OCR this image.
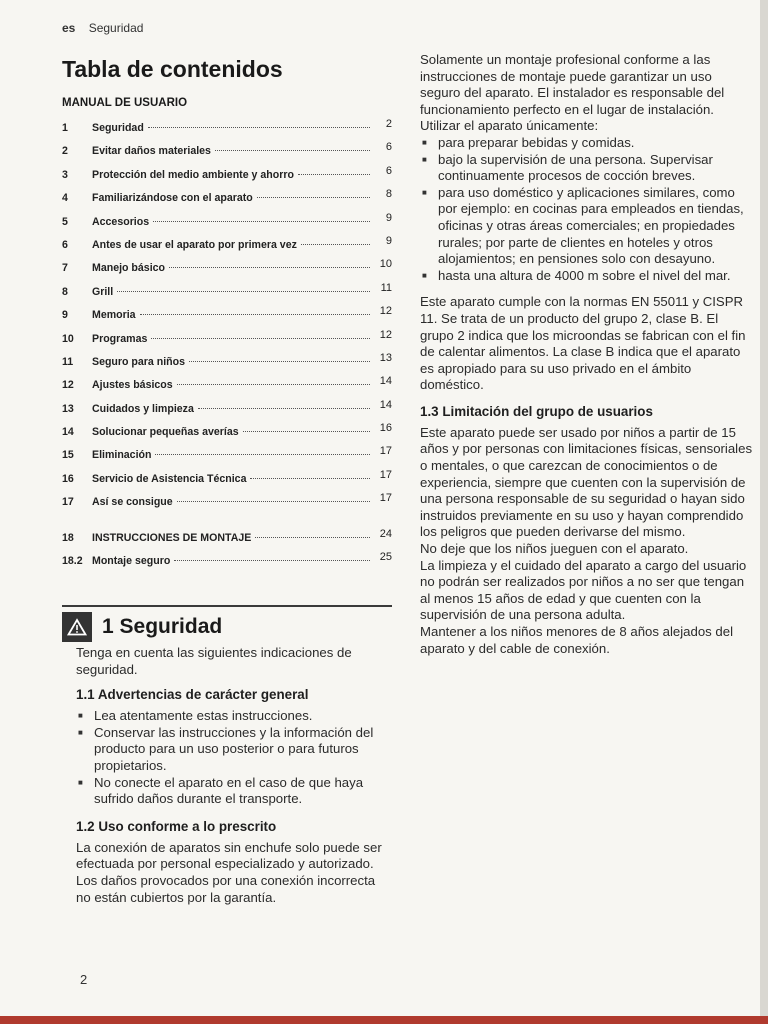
es Seguridad
Tabla de contenidos
MANUAL DE USUARIO
1	Seguridad	2
2	Evitar daños materiales	6
3	Protección del medio ambiente y ahorro	6
4	Familiarizándose con el aparato	8
5	Accesorios	9
6	Antes de usar el aparato por primera vez	9
7	Manejo básico	10
8	Grill	11
9	Memoria	12
10	Programas	12
11	Seguro para niños	13
12	Ajustes básicos	14
13	Cuidados y limpieza	14
14	Solucionar pequeñas averías	16
15	Eliminación	17
16	Servicio de Asistencia Técnica	17
17	Así se consigue	17
18	INSTRUCCIONES DE MONTAJE	24
18.2 Montaje seguro	25
1 Seguridad

Tenga en cuenta las siguientes indicaciones de seguridad.

1.1 Advertencias de carácter general
■ Lea atentamente estas instrucciones.
■ Conservar las instrucciones y la información del producto para un uso posterior o para futuros propietarios.
■ No conecte el aparato en el caso de que haya sufrido daños durante el transporte.
1.2 Uso conforme a lo prescrito

La conexión de aparatos sin enchufe solo puede ser efectuada por personal especializado y autorizado. Los daños provocados por una conexión incorrecta no están cubiertos por la garantía.

Solamente un montaje profesional conforme a las instrucciones de montaje puede garantizar un uso seguro del aparato. El instalador es responsable del funcionamiento perfecto en el lugar de instalación.

Utilizar el aparato únicamente:

■ para preparar bebidas y comidas.
■ bajo la supervisión de una persona. Supervisar continuamente procesos de cocción breves.
■ para uso doméstico y aplicaciones similares, como por ejemplo: en cocinas para empleados en tiendas, oficinas y otras áreas comerciales; en propiedades rurales; por parte de clientes en hoteles y otros alojamientos; en pensiones solo con desayuno.
■ hasta una altura de 4000 m sobre el nivel del mar.

Este aparato cumple con la normas EN 55011 y CISPR 11. Se trata de un producto del grupo 2, clase B. El grupo 2 indica que los microondas se fabrican con el fin de calentar alimentos. La clase B indica que el aparato es apropiado para su uso privado en el ámbito doméstico.

1.3 Limitación del grupo de usuarios

Este aparato puede ser usado por niños a partir de 15 años y por personas con limitaciones físicas, sensoriales o mentales, o que carezcan de conocimientos o de experiencia, siempre que cuenten con la supervisión de una persona responsable de su seguridad o hayan sido instruidos previamente en su uso y hayan comprendido los peligros que pueden derivarse del mismo.

No deje que los niños jueguen con el aparato.

La limpieza y el cuidado del aparato a cargo del usuario no podrán ser realizados por niños a no ser que tengan al menos 15 años de edad y que cuenten con la supervisión de una persona adulta.

Mantener a los niños menores de 8 años alejados del aparato y del cable de conexión.

2
